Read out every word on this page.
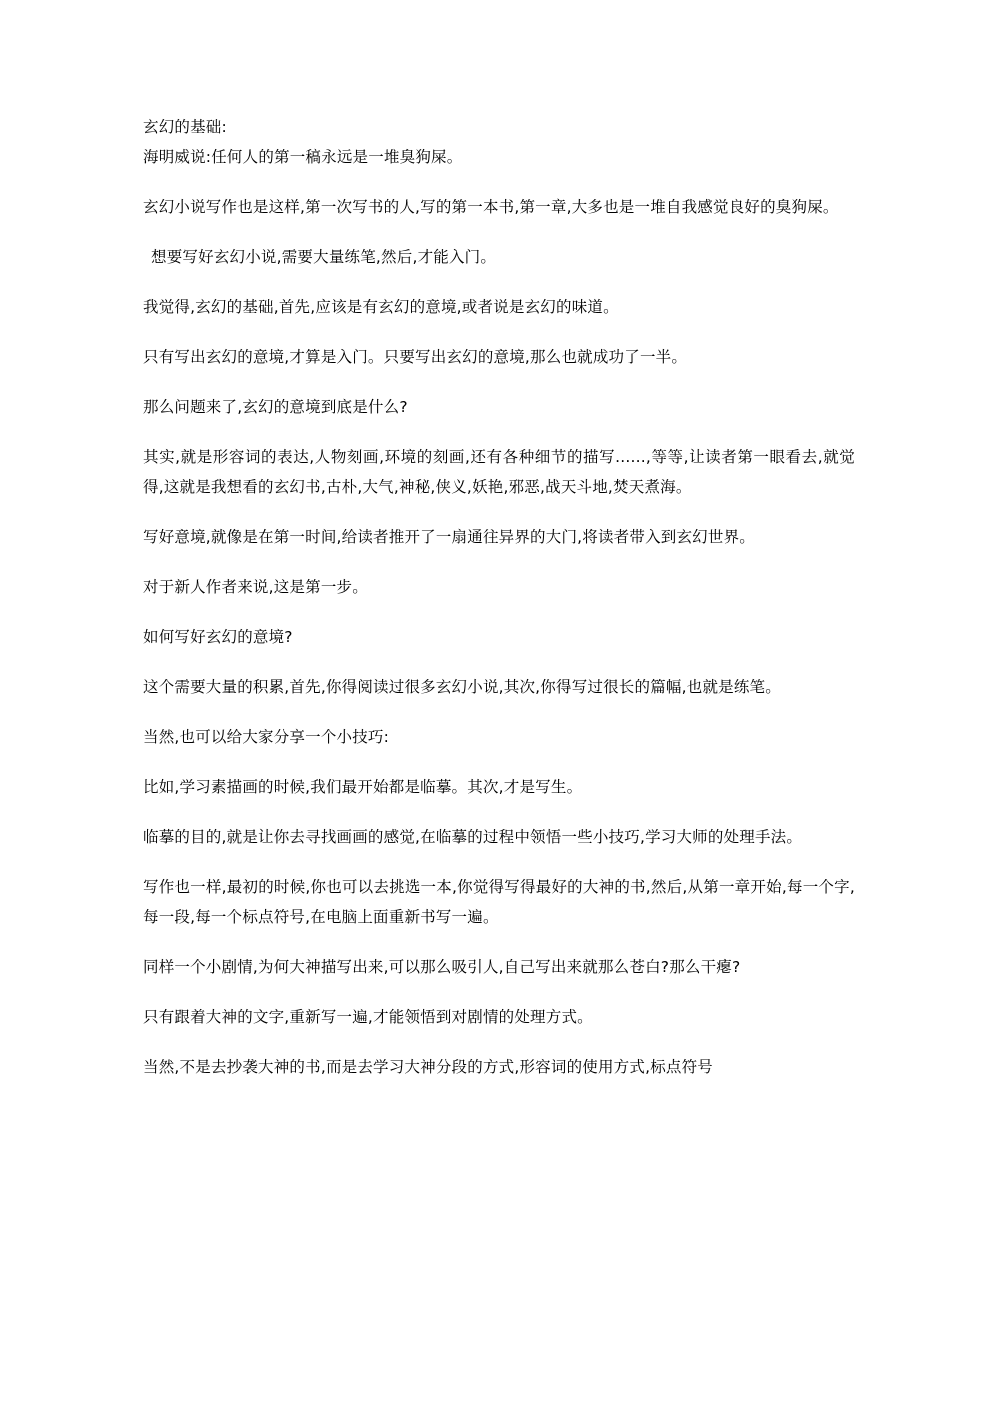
玄幻的基础:

海明威说:任何人的第一稿永远是一堆臭狗屎。

玄幻小说写作也是这样,第一次写书的人,写的第一本书,第一章,大多也是一堆自我感觉良好的臭狗屎。

想要写好玄幻小说,需要大量练笔,然后,才能入门。

我觉得,玄幻的基础,首先,应该是有玄幻的意境,或者说是玄幻的味道。

只有写出玄幻的意境,才算是入门。只要写出玄幻的意境,那么也就成功了一半。

那么问题来了,玄幻的意境到底是什么?

其实,就是形容词的表达,人物刻画,环境的刻画,还有各种细节的描写......,等等,让读者第一眼看去,就觉得,这就是我想看的玄幻书,古朴,大气,神秘,侠义,妖艳,邪恶,战天斗地,焚天煮海。

写好意境,就像是在第一时间,给读者推开了一扇通往异界的大门,将读者带入到玄幻世界。

对于新人作者来说,这是第一步。

如何写好玄幻的意境?

这个需要大量的积累,首先,你得阅读过很多玄幻小说,其次,你得写过很长的篇幅,也就是练笔。

当然,也可以给大家分享一个小技巧:

比如,学习素描画的时候,我们最开始都是临摹。其次,才是写生。

临摹的目的,就是让你去寻找画画的感觉,在临摹的过程中领悟一些小技巧,学习大师的处理手法。

写作也一样,最初的时候,你也可以去挑选一本,你觉得写得最好的大神的书,然后,从第一章开始,每一个字,每一段,每一个标点符号,在电脑上面重新书写一遍。

同样一个小剧情,为何大神描写出来,可以那么吸引人,自己写出来就那么苍白?那么干瘪?

只有跟着大神的文字,重新写一遍,才能领悟到对剧情的处理方式。

当然,不是去抄袭大神的书,而是去学习大神分段的方式,形容词的使用方式,标点符号
